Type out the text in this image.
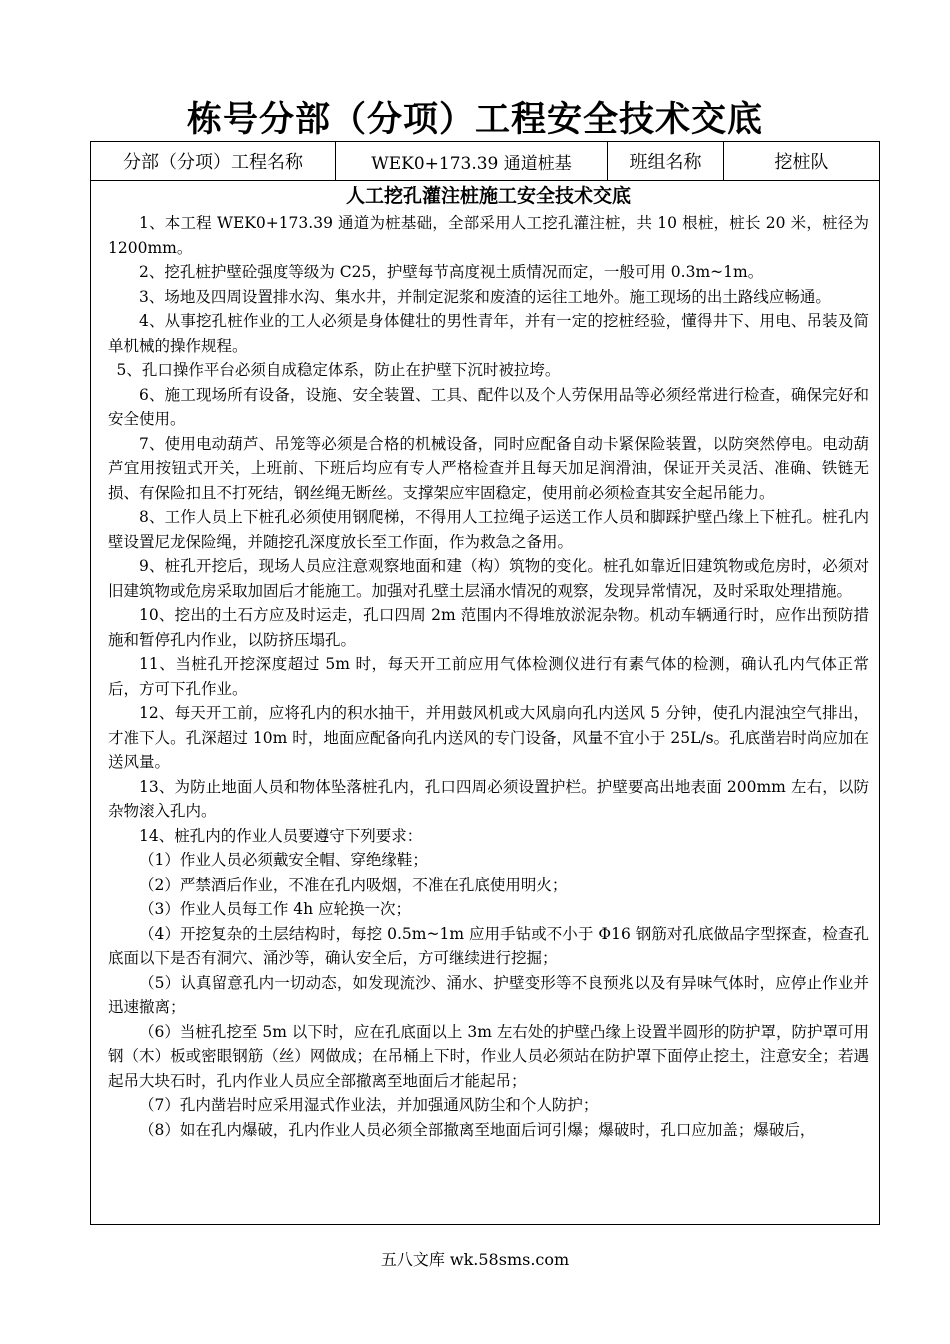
栋号分部（分项）工程安全技术交底
分部（分项）工程名称	WEK0+173.39 通道桩基	班组名称	挖桩队
人工挖孔灌注桩施工安全技术交底

1、本工程 WEK0+173.39 通道为桩基础，全部采用人工挖孔灌注桩，共 10 根桩，桩长 20 米，桩径为 1200mm。

2、挖孔桩护壁砼强度等级为 C25，护壁每节高度视土质情况而定，一般可用 0.3m~1m。

3、场地及四周设置排水沟、集水井，并制定泥浆和废渣的运往工地外。施工现场的出土路线应畅通。

4、从事挖孔桩作业的工人必须是身体健壮的男性青年，并有一定的挖桩经验，懂得井下、用电、吊装及简单机械的操作规程。

5、孔口操作平台必须自成稳定体系，防止在护壁下沉时被拉垮。

6、施工现场所有设备，设施、安全装置、工具、配件以及个人劳保用品等必须经常进行检查，确保完好和安全使用。

7、使用电动葫芦、吊笼等必须是合格的机械设备，同时应配备自动卡紧保险装置，以防突然停电。电动葫芦宜用按钮式开关，上班前、下班后均应有专人严格检查并且每天加足润滑油，保证开关灵活、准确、铁链无损、有保险扣且不打死结，钢丝绳无断丝。支撑架应牢固稳定，使用前必须检查其安全起吊能力。

8、工作人员上下桩孔必须使用钢爬梯，不得用人工拉绳子运送工作人员和脚踩护壁凸缘上下桩孔。桩孔内壁设置尼龙保险绳，并随挖孔深度放长至工作面，作为救急之备用。

9、桩孔开挖后，现场人员应注意观察地面和建（构）筑物的变化。桩孔如靠近旧建筑物或危房时，必须对旧建筑物或危房采取加固后才能施工。加强对孔壁土层涌水情况的观察，发现异常情况，及时采取处理措施。

10、挖出的土石方应及时运走，孔口四周 2m 范围内不得堆放淤泥杂物。机动车辆通行时，应作出预防措施和暂停孔内作业，以防挤压塌孔。

11、当桩孔开挖深度超过 5m 时，每天开工前应用气体检测仪进行有素气体的检测，确认孔内气体正常后，方可下孔作业。

12、每天开工前，应将孔内的积水抽干，并用鼓风机或大风扇向孔内送风 5 分钟，使孔内混浊空气排出，才准下人。孔深超过 10m 时，地面应配备向孔内送风的专门设备，风量不宜小于 25L/s。孔底凿岩时尚应加在送风量。

13、为防止地面人员和物体坠落桩孔内，孔口四周必须设置护栏。护壁要高出地表面 200mm 左右，以防杂物滚入孔内。

14、桩孔内的作业人员要遵守下列要求：

（1）作业人员必须戴安全帽、穿绝缘鞋；

（2）严禁酒后作业，不准在孔内吸烟，不准在孔底使用明火；

（3）作业人员每工作 4h 应轮换一次；

（4）开挖复杂的土层结构时，每挖 0.5m~1m 应用手钻或不小于 Φ16 钢筋对孔底做品字型探查，检查孔底面以下是否有洞穴、涌沙等，确认安全后，方可继续进行挖掘；

（5）认真留意孔内一切动态，如发现流沙、涌水、护壁变形等不良预兆以及有异味气体时，应停止作业并迅速撤离；

（6）当桩孔挖至 5m 以下时，应在孔底面以上 3m 左右处的护壁凸缘上设置半圆形的防护罩，防护罩可用钢（木）板或密眼钢筋（丝）网做成；在吊桶上下时，作业人员必须站在防护罩下面停止挖土，注意安全；若遇起吊大块石时，孔内作业人员应全部撤离至地面后才能起吊；

（7）孔内凿岩时应采用湿式作业法，并加强通风防尘和个人防护；

（8）如在孔内爆破，孔内作业人员必须全部撤离至地面后诃引爆；爆破时，孔口应加盖；爆破后，

五八文库 wk.58sms.com
